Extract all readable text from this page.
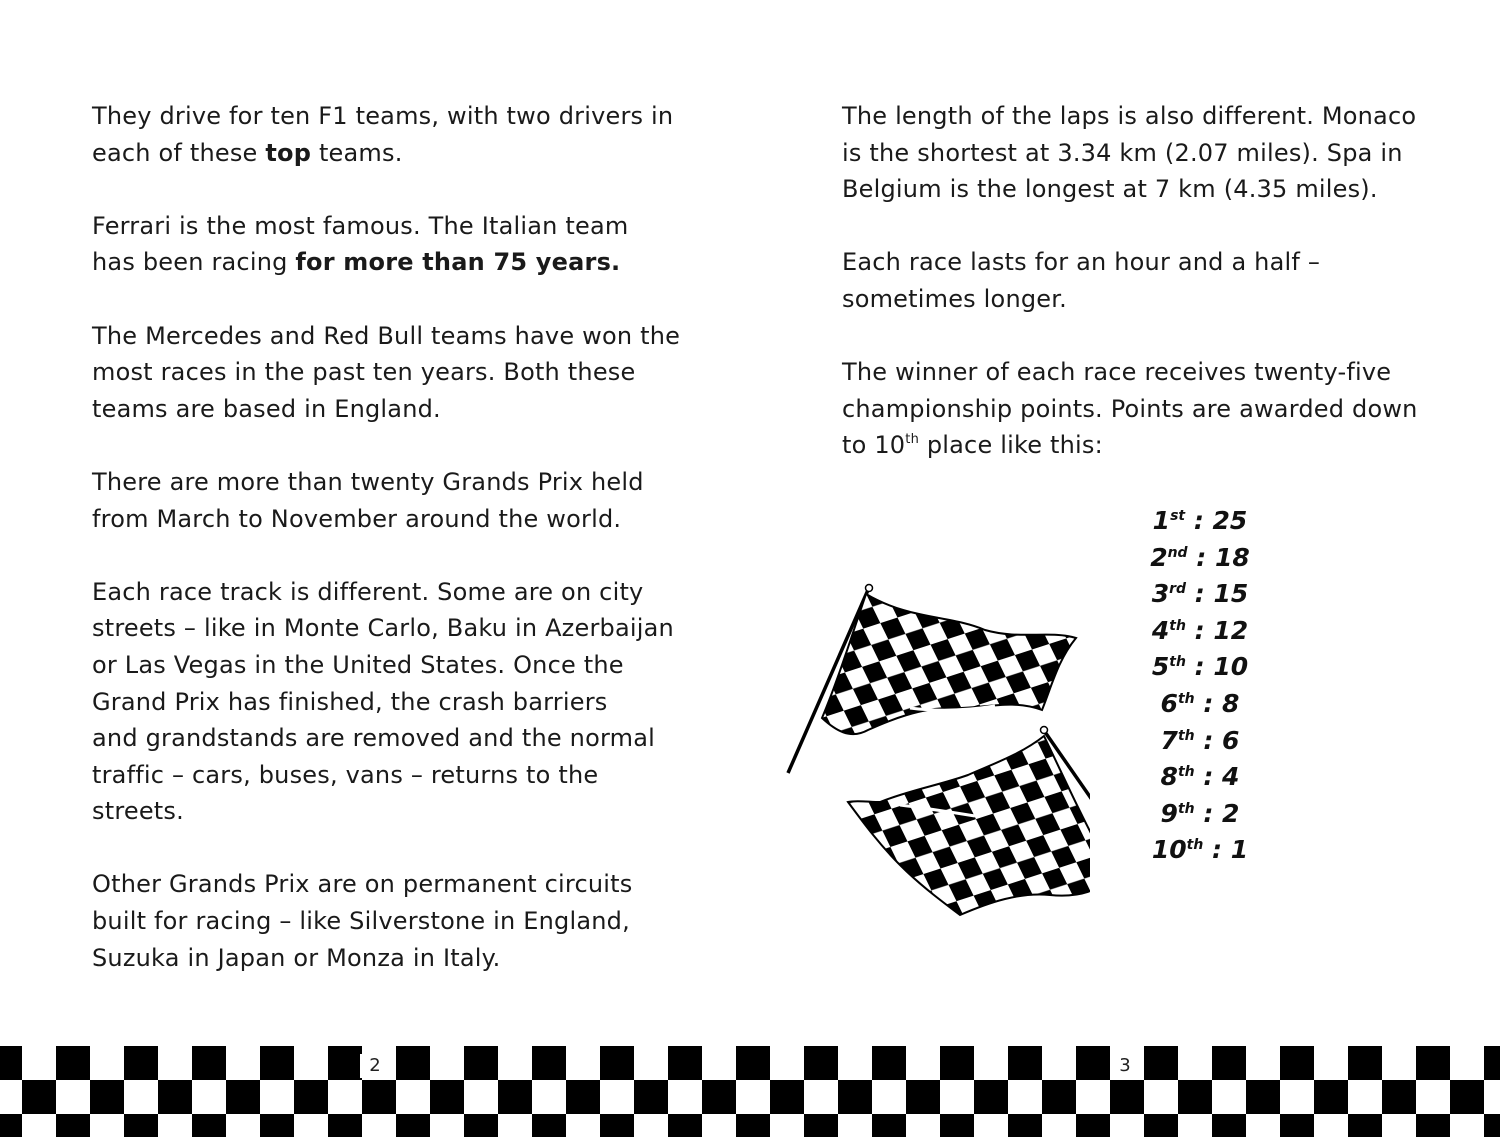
They drive for ten F1 teams, with two drivers in
each of these top teams.

Ferrari is the most famous. The Italian team
has been racing for more than 75 years.

The Mercedes and Red Bull teams have won the
most races in the past ten years. Both these
teams are based in England.

There are more than twenty Grands Prix held
from March to November around the world.

Each race track is different. Some are on city
streets – like in Monte Carlo, Baku in Azerbaijan
or Las Vegas in the United States. Once the
Grand Prix has finished, the crash barriers
and grandstands are removed and the normal
traffic – cars, buses, vans – returns to the
streets.

Other Grands Prix are on permanent circuits
built for racing – like Silverstone in England,
Suzuka in Japan or Monza in Italy.

The length of the laps is also different. Monaco
is the shortest at 3.34 km (2.07 miles). Spa in
Belgium is the longest at 7 km (4.35 miles).

Each race lasts for an hour and a half –
sometimes longer.

The winner of each race receives twenty-five
championship points. Points are awarded down
to 10th place like this:

1st : 25
2nd : 18
3rd : 15
4th : 12
5th : 10
6th : 8
7th : 6
8th : 4
9th : 2
10th : 1
2	3
